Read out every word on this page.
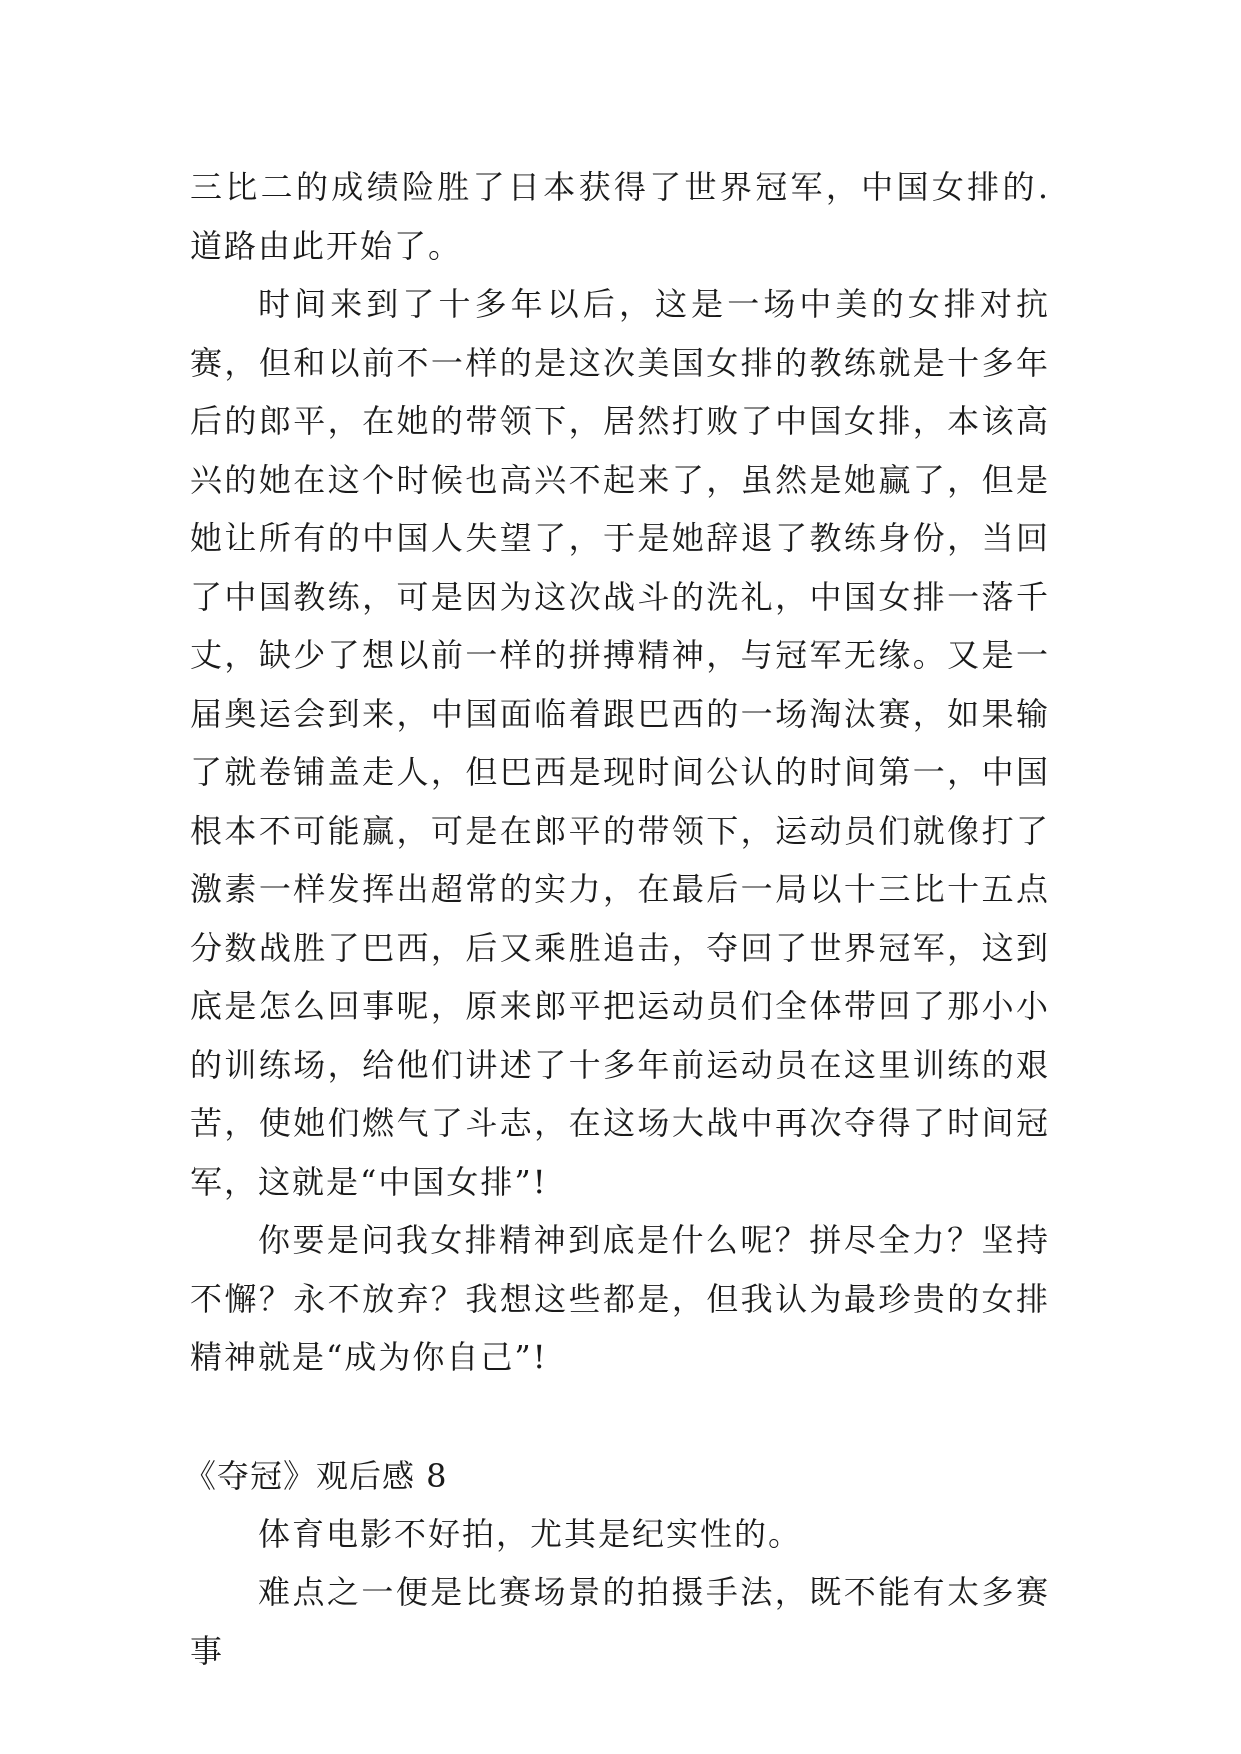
三比二的成绩险胜了日本获得了世界冠军，中国女排的.道路由此开始了。

时间来到了十多年以后，这是一场中美的女排对抗赛，但和以前不一样的是这次美国女排的教练就是十多年后的郎平，在她的带领下，居然打败了中国女排，本该高兴的她在这个时候也高兴不起来了，虽然是她赢了，但是她让所有的中国人失望了，于是她辞退了教练身份，当回了中国教练，可是因为这次战斗的洗礼，中国女排一落千丈，缺少了想以前一样的拼搏精神，与冠军无缘。又是一届奥运会到来，中国面临着跟巴西的一场淘汰赛，如果输了就卷铺盖走人，但巴西是现时间公认的时间第一，中国根本不可能赢，可是在郎平的带领下，运动员们就像打了激素一样发挥出超常的实力，在最后一局以十三比十五点分数战胜了巴西，后又乘胜追击，夺回了世界冠军，这到底是怎么回事呢，原来郎平把运动员们全体带回了那小小的训练场，给他们讲述了十多年前运动员在这里训练的艰苦，使她们燃气了斗志，在这场大战中再次夺得了时间冠军，这就是“中国女排”!

你要是问我女排精神到底是什么呢？拼尽全力？坚持不懈？永不放弃？我想这些都是，但我认为最珍贵的女排精神就是“成为你自己”!

《夺冠》观后感 8

体育电影不好拍，尤其是纪实性的。

难点之一便是比赛场景的拍摄手法，既不能有太多赛事
